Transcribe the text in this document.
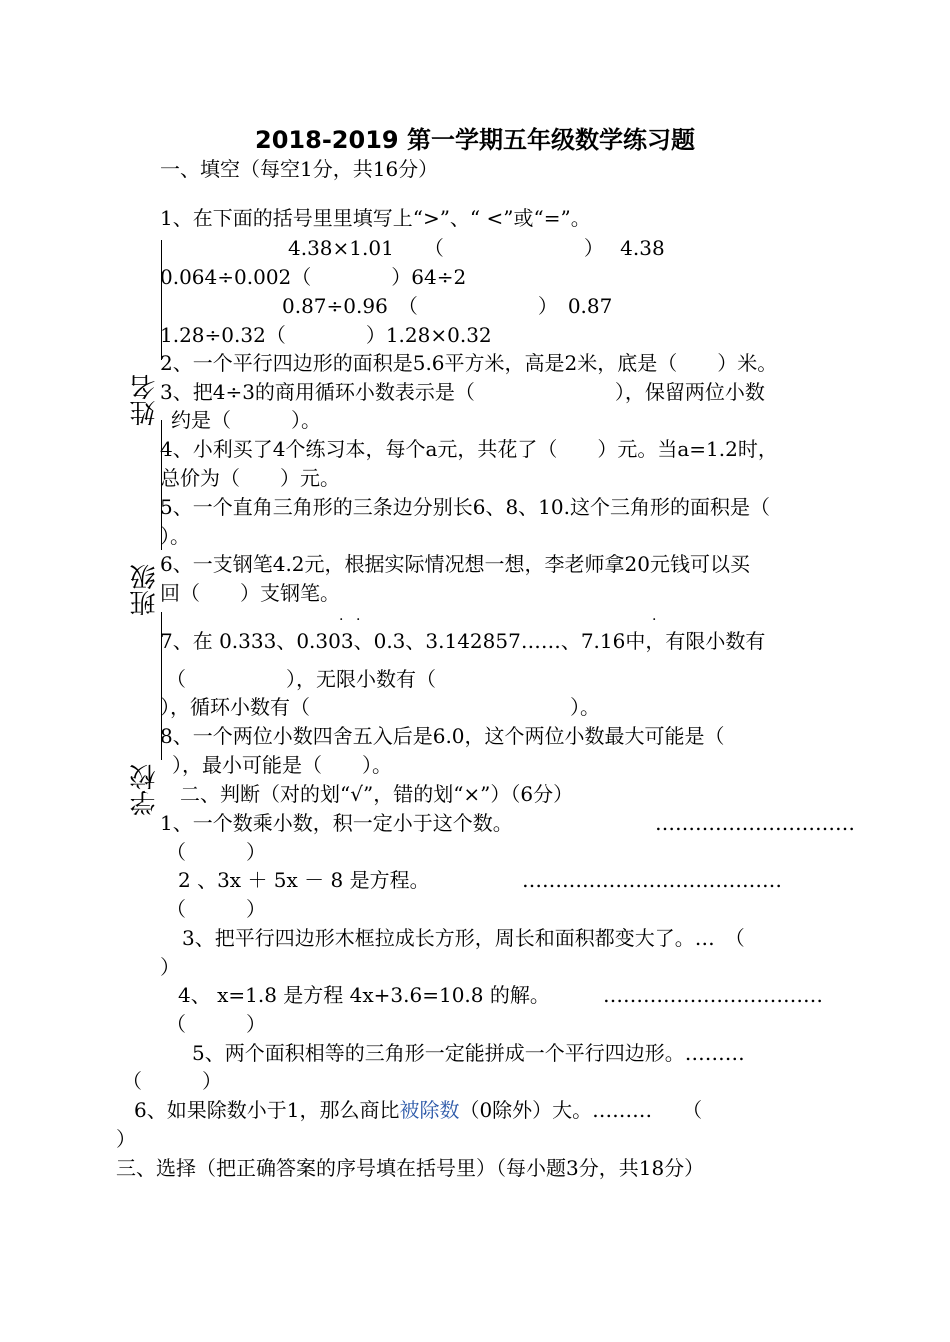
姓名
班级
学校
2018-2019 第一学期五年级数学练习题
一、填空（每空1分，共16分）
1、在下面的括号里里填写上“>”、“ <”或“=”。
4.38×1.01　　（　　　　　　　）　 4.38
0.064÷0.002（　　　　）64÷2
0.87÷0.96　（　　　　　　）　0.87
1.28÷0.32（　　　　）1.28×0.32
2、一个平行四边形的面积是5.6平方米，高是2米，底是（　　）米。
3、把4÷3的商用循环小数表示是（　　　　　　　），保留两位小数
约是（　　　）。
4、小利买了4个练习本，每个a元，共花了（　　）元。当a=1.2时，
总价为（　　）元。
5、一个直角三角形的三条边分别长6、8、10.这个三角形的面积是（
）。
6、一支钢笔4.2元，根据实际情况想一想，李老师拿20元钱可以买
回（　　）支钢笔。
· ·	·
7、在 0.333、0.303、0.3、3.142857……、7.16中，有限小数有
（　　　　　），无限小数有（
），循环小数有（　　　　　　　　　　　　　）。
8、一个两位小数四舍五入后是6.0，这个两位小数最大可能是（
），最小可能是（　　）。
二、判断（对的划“√”，错的划“×”）（6分）
1、一个数乘小数，积一定小于这个数。	…………………………
（　　　）
2 、3x ＋ 5x － 8 是方程。	…………………………………
（　　　）
3、把平行四边形木框拉成长方形，周长和面积都变大了。…　（
）
4、 x=1.8 是方程 4x+3.6=10.8 的解。	……………………………
（　　　）
5、两个面积相等的三角形一定能拼成一个平行四边形。………
（　　　）
6、如果除数小于1，那么商比被除数（0除外）大。………　　（
）
三、选择（把正确答案的序号填在括号里）（每小题3分，共18分）
